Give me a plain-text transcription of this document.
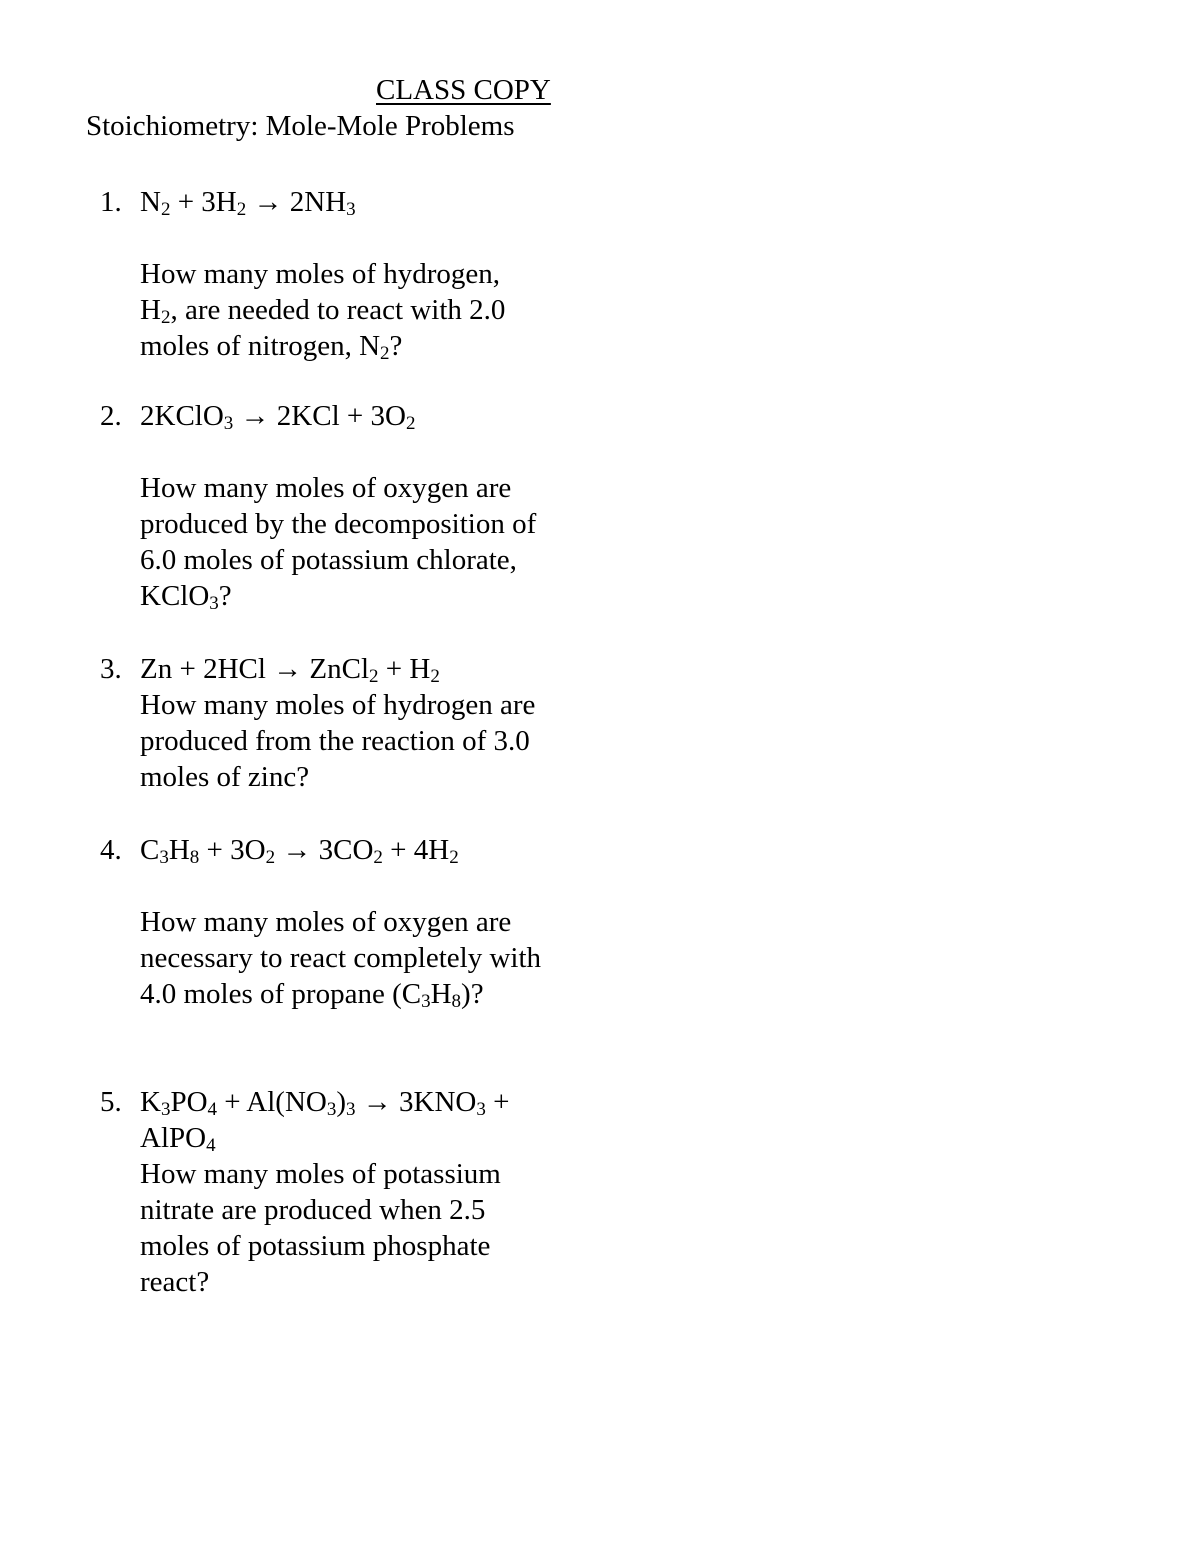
CLASS COPY
Stoichiometry: Mole-Mole Problems
1. $N_2 + 3H_2 \to 2NH_3$
How many moles of hydrogen, $H_2$, are needed to react with 2.0 moles of nitrogen, $N_2$?
2. 2KClO$_3$ → $2KCl + 3O_2$
How many moles of oxygen are produced by the decomposition of 6.0 moles of potassium chlorate, KClO$_3$?
3. Zn + 2HCl → ZnCl$_2$ + $H_2$
How many moles of hydrogen are produced from the reaction of 3.0 moles of zinc?
4. $C_3H_8 + 3O_2 \to 3CO_2 + 4H_2$
How many moles of oxygen are necessary to react completely with 4.0 moles of propane $(C_3H_8)$?
5. $K_3PO_4 + Al(NO_3)_3 \to 3KNO_3$ + AlPO$_4$
How many moles of potassium nitrate are produced when 2.5 moles of potassium phosphate react?
